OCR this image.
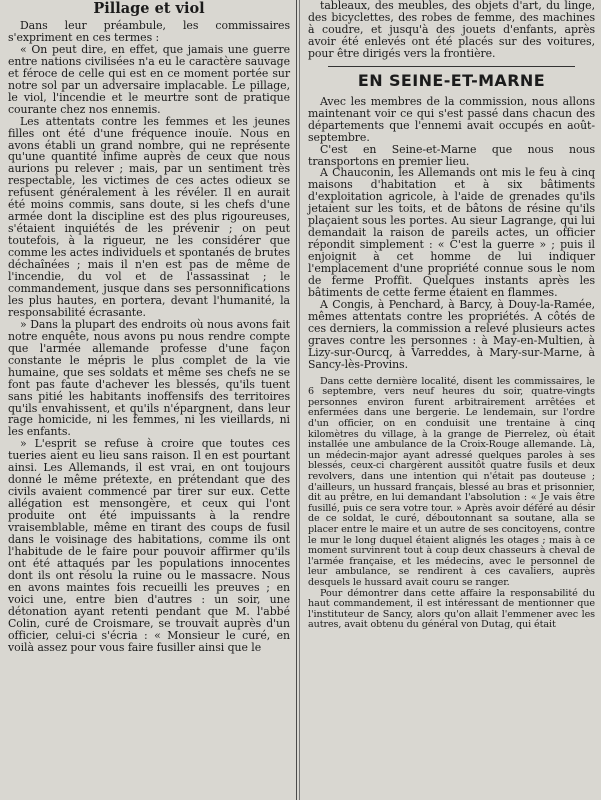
Pillage et viol

Dans leur préambule, les commissaires s'expriment en ces termes :

« On peut dire, en effet, que jamais une guerre entre nations civilisées n'a eu le caractère sauvage et féroce de celle qui est en ce moment portée sur notre sol par un adversaire implacable. Le pillage, le viol, l'incendie et le meurtre sont de pratique courante chez nos ennemis.

Les attentats contre les femmes et les jeunes filles ont été d'une fréquence inouïe. Nous en avons établi un grand nombre, qui ne représente qu'une quantité infime auprès de ceux que nous aurions pu relever ; mais, par un sentiment très respectable, les victimes de ces actes odieux se refusent généralement à les révéler. Il en aurait été moins commis, sans doute, si les chefs d'une armée dont la discipline est des plus rigoureuses, s'étaient inquiétés de les prévenir ; on peut toutefois, à la rigueur, ne les considérer que comme les actes individuels et spontanés de brutes déchaînées ; mais il n'en est pas de même de l'incendie, du vol et de l'assassinat ; le commandement, jusque dans ses personnifications les plus hautes, en portera, devant l'humanité, la responsabilité écrasante.

» Dans la plupart des endroits où nous avons fait notre enquête, nous avons pu nous rendre compte que l'armée allemande professe d'une façon constante le mépris le plus complet de la vie humaine, que ses soldats et même ses chefs ne se font pas faute d'achever les blessés, qu'ils tuent sans pitié les habitants inoffensifs des territoires qu'ils envahissent, et qu'ils n'épargnent, dans leur rage homicide, ni les femmes, ni les vieillards, ni les enfants.

» L'esprit se refuse à croire que toutes ces tueries aient eu lieu sans raison. Il en est pourtant ainsi. Les Allemands, il est vrai, en ont toujours donné le même prétexte, en prétendant que des civils avaient commencé par tirer sur eux. Cette allégation est mensongère, et ceux qui l'ont produite ont été impuissants à la rendre vraisemblable, même en tirant des coups de fusil dans le voisinage des habitations, comme ils ont l'habitude de le faire pour pouvoir affirmer qu'ils ont été attaqués par les populations innocentes dont ils ont résolu la ruine ou le massacre. Nous en avons maintes fois recueilli les preuves ; en voici une, entre bien d'autres : un soir, une détonation ayant retenti pendant que M. l'abbé Colin, curé de Croismare, se trouvait auprès d'un officier, celui-ci s'écria : « Monsieur le curé, en voilà assez pour vous faire fusiller ainsi que le

tableaux, des meubles, des objets d'art, du linge, des bicyclettes, des robes de femme, des machines à coudre, et jusqu'à des jouets d'enfants, après avoir été enlevés ont été placés sur des voitures, pour être dirigés vers la frontière.

EN SEINE-ET-MARNE

Avec les membres de la commission, nous allons maintenant voir ce qui s'est passé dans chacun des départements que l'ennemi avait occupés en août-septembre.

C'est en Seine-et-Marne que nous nous transportons en premier lieu.

A Chauconin, les Allemands ont mis le feu à cinq maisons d'habitation et à six bâtiments d'exploitation agricole, à l'aide de grenades qu'ils jetaient sur les toits, et de bâtons de résine qu'ils plaçaient sous les portes. Au sieur Lagrange, qui lui demandait la raison de pareils actes, un officier répondit simplement : « C'est la guerre » ; puis il enjoignit à cet homme de lui indiquer l'emplacement d'une propriété connue sous le nom de ferme Proffit. Quelques instants après les bâtiments de cette ferme étaient en flammes.

A Congis, à Penchard, à Barcy, à Douy-la-Ramée, mêmes attentats contre les propriétés. A côtés de ces derniers, la commission a relevé plusieurs actes graves contre les personnes : à May-en-Multien, à Lizy-sur-Ourcq, à Varreddes, à Mary-sur-Marne, à Sancy-lès-Provins.

Dans cette dernière localité, disent les commissaires, le 6 septembre, vers neuf heures du soir, quatre-vingts personnes environ furent arbitrairement arrêtées et enfermées dans une bergerie. Le lendemain, sur l'ordre d'un officier, on en conduisit une trentaine à cinq kilomètres du village, à la grange de Pierrelez, où était installée une ambulance de la Croix-Rouge allemande. Là, un médecin-major ayant adressé quelques paroles à ses blessés, ceux-ci chargèrent aussitôt quatre fusils et deux revolvers, dans une intention qui n'était pas douteuse ; d'ailleurs, un hussard français, blessé au bras et prisonnier, dit au prêtre, en lui demandant l'absolution : « Je vais être fusillé, puis ce sera votre tour. » Après avoir déféré au désir de ce soldat, le curé, déboutonnant sa soutane, alla se placer entre le maire et un autre de ses concitoyens, contre le mur le long duquel étaient alignés les otages ; mais à ce moment survinrent tout à coup deux chasseurs à cheval de l'armée française, et les médecins, avec le personnel de leur ambulance, se rendirent à ces cavaliers, auprès desquels le hussard avait couru se ranger.

Pour démontrer dans cette affaire la responsabilité du haut commandement, il est intéressant de mentionner que l'instituteur de Sancy, alors qu'on allait l'emmener avec les autres, avait obtenu du général von Dutag, qui était
